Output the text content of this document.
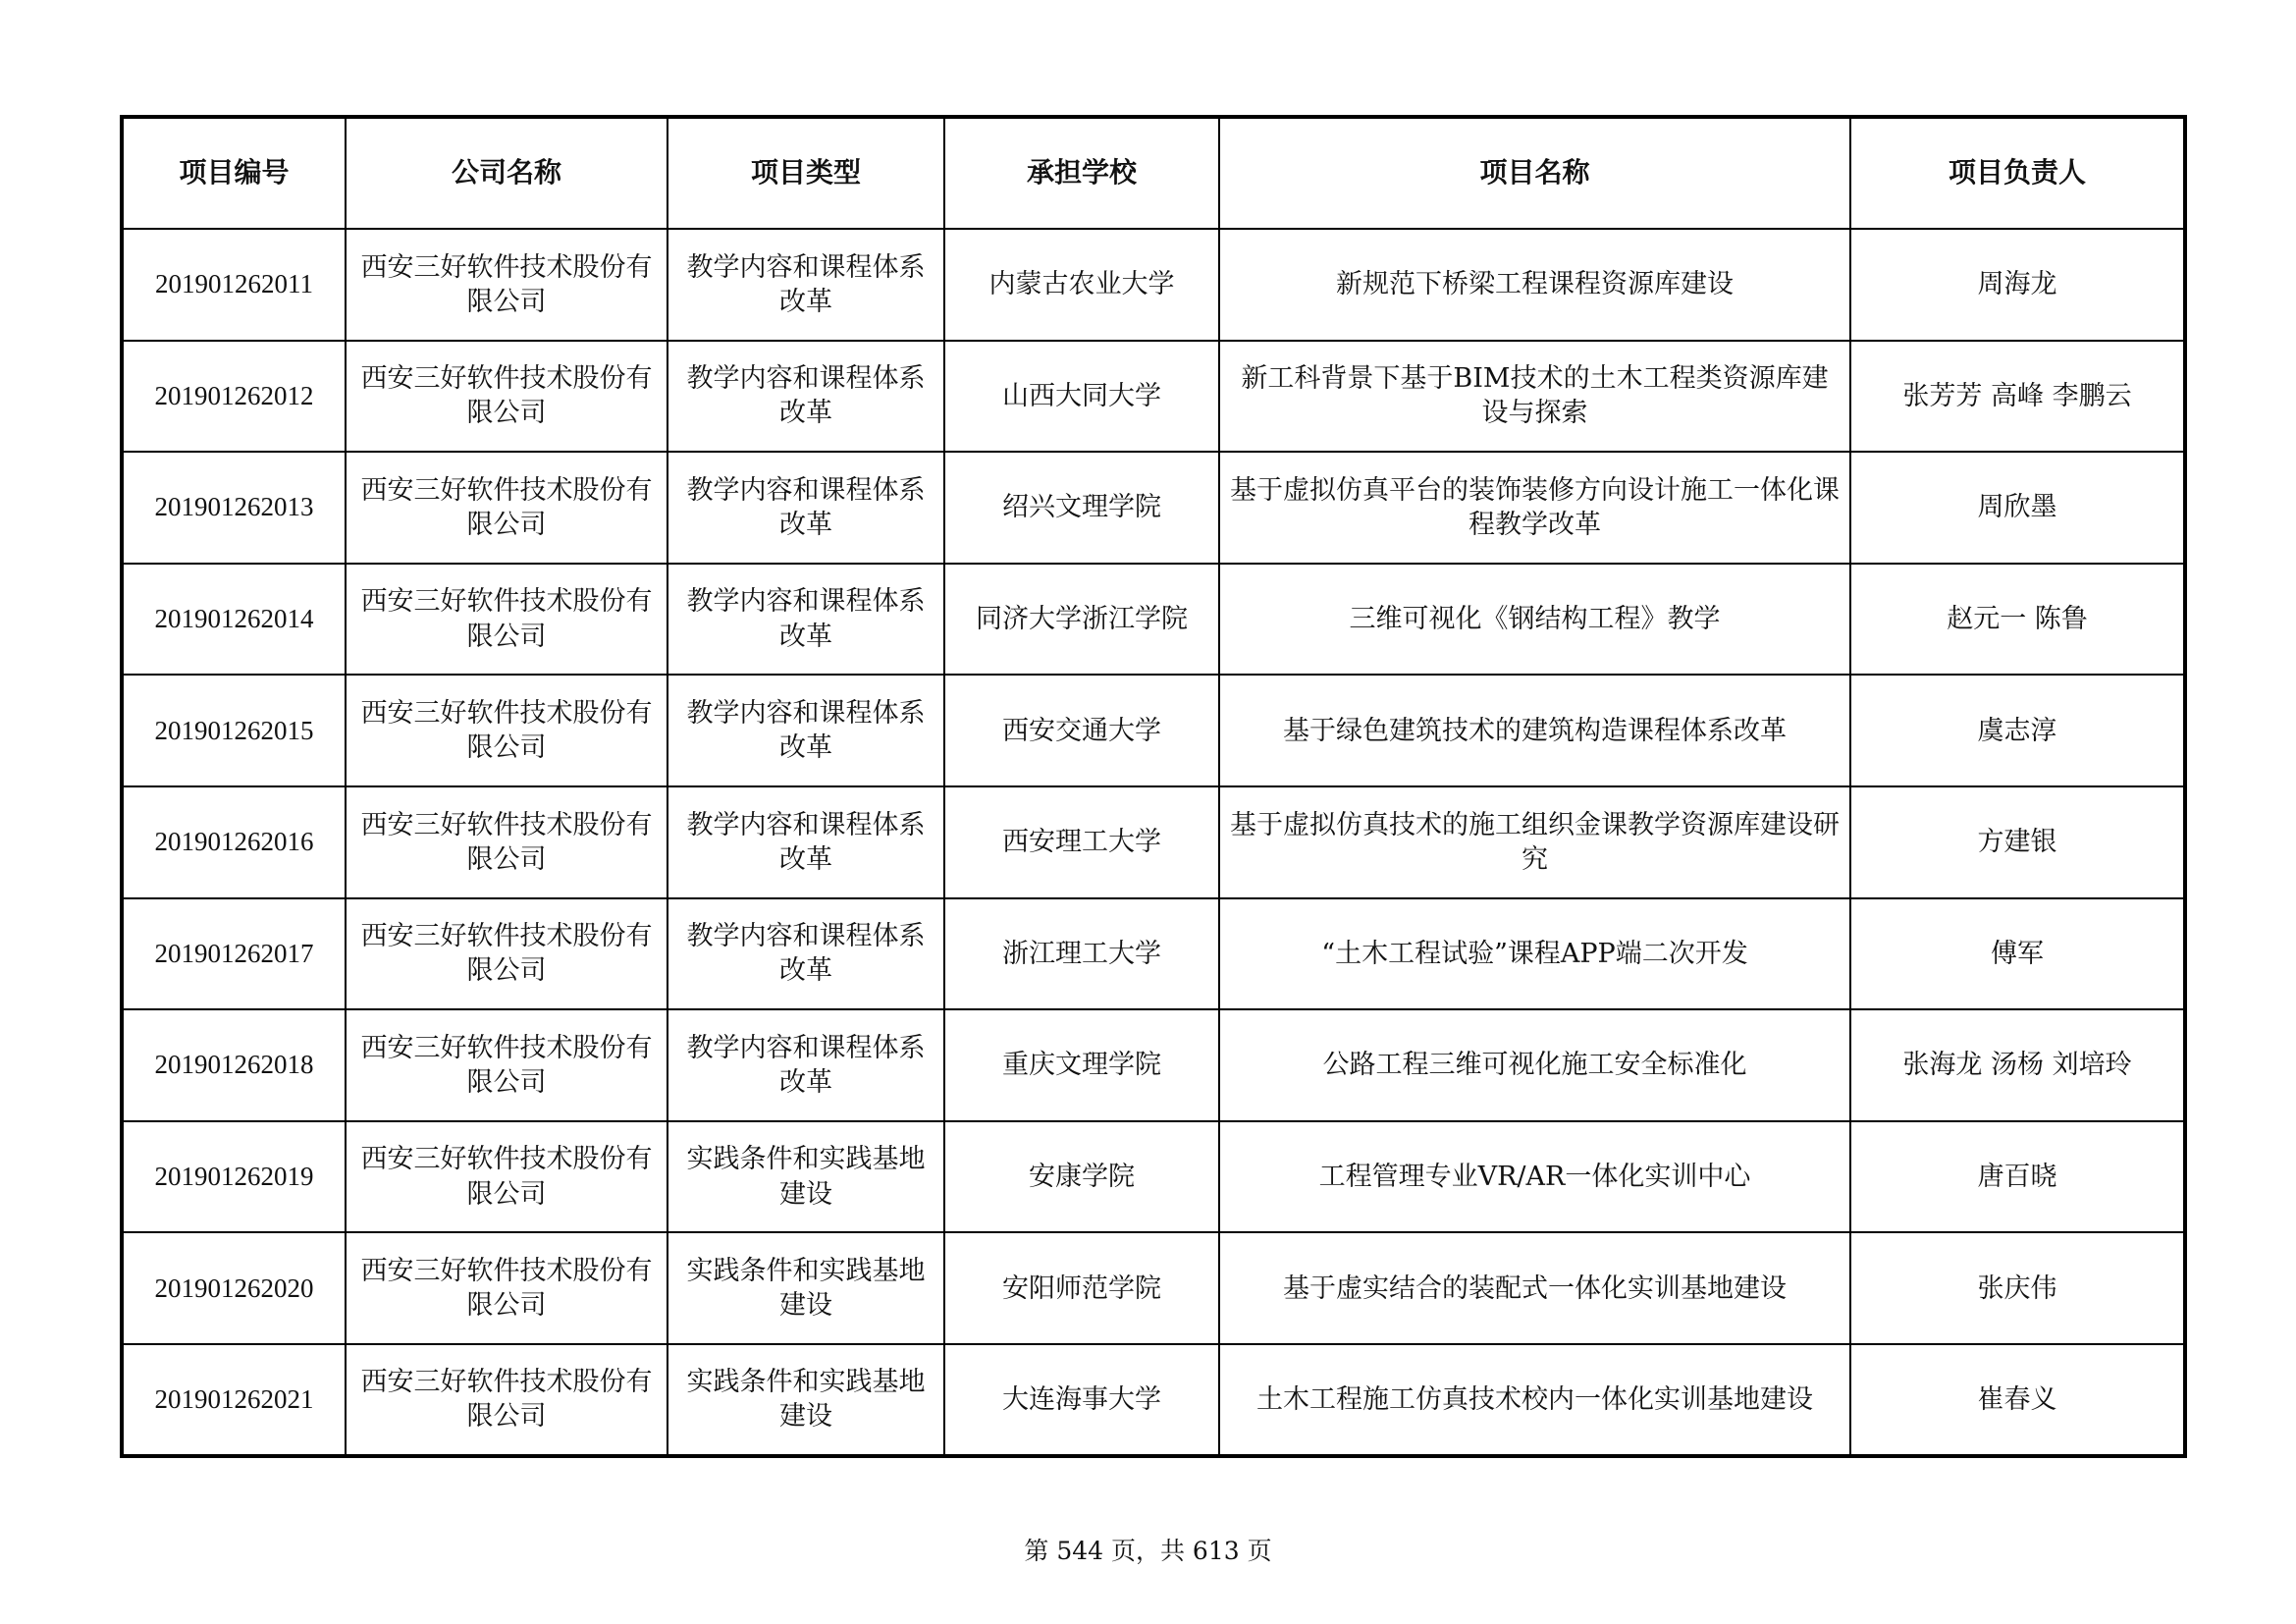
项目编号	公司名称	项目类型	承担学校	项目名称	项目负责人
201901262011	西安三好软件技术股份有限公司	教学内容和课程体系改革	内蒙古农业大学	新规范下桥梁工程课程资源库建设	周海龙
201901262012	西安三好软件技术股份有限公司	教学内容和课程体系改革	山西大同大学	新工科背景下基于BIM技术的土木工程类资源库建设与探索	张芳芳 高峰 李鹏云
201901262013	西安三好软件技术股份有限公司	教学内容和课程体系改革	绍兴文理学院	基于虚拟仿真平台的装饰装修方向设计施工一体化课程教学改革	周欣墨
201901262014	西安三好软件技术股份有限公司	教学内容和课程体系改革	同济大学浙江学院	三维可视化《钢结构工程》教学	赵元一 陈鲁
201901262015	西安三好软件技术股份有限公司	教学内容和课程体系改革	西安交通大学	基于绿色建筑技术的建筑构造课程体系改革	虞志淳
201901262016	西安三好软件技术股份有限公司	教学内容和课程体系改革	西安理工大学	基于虚拟仿真技术的施工组织金课教学资源库建设研究	方建银
201901262017	西安三好软件技术股份有限公司	教学内容和课程体系改革	浙江理工大学	“土木工程试验”课程APP端二次开发	傅军
201901262018	西安三好软件技术股份有限公司	教学内容和课程体系改革	重庆文理学院	公路工程三维可视化施工安全标准化	张海龙 汤杨 刘培玲
201901262019	西安三好软件技术股份有限公司	实践条件和实践基地建设	安康学院	工程管理专业VR/AR一体化实训中心	唐百晓
201901262020	西安三好软件技术股份有限公司	实践条件和实践基地建设	安阳师范学院	基于虚实结合的装配式一体化实训基地建设	张庆伟
201901262021	西安三好软件技术股份有限公司	实践条件和实践基地建设	大连海事大学	土木工程施工仿真技术校内一体化实训基地建设	崔春义
第 544 页，共 613 页
